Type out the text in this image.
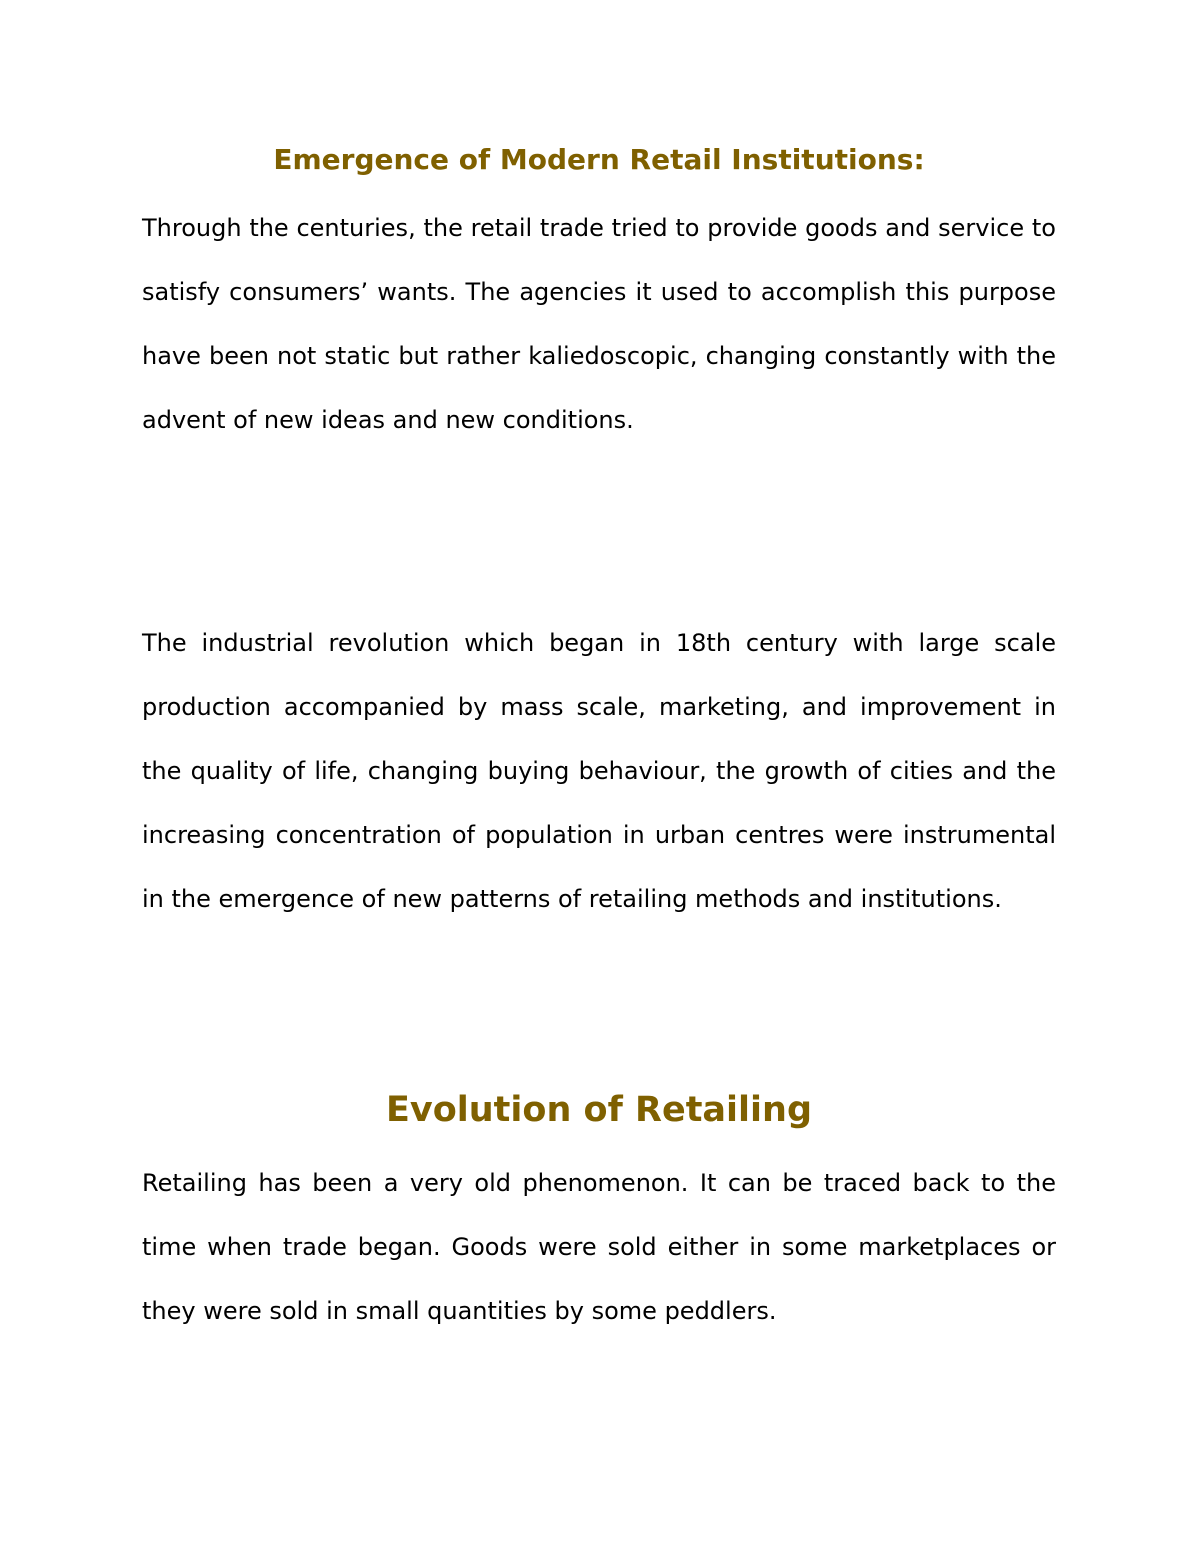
Emergence of Modern Retail Institutions:

Through the centuries, the retail trade tried to provide goods and service to satisfy consumers’ wants. The agencies it used to accomplish this purpose have been not static but rather kaliedoscopic, changing constantly with the advent of new ideas and new conditions.

The industrial revolution which began in 18th century with large scale production accompanied by mass scale, marketing, and improvement in the quality of life, changing buying behaviour, the growth of cities and the increasing concentration of population in urban centres were instrumental in the emergence of new patterns of retailing methods and institutions.

Evolution of Retailing

Retailing has been a very old phenomenon. It can be traced back to the time when trade began. Goods were sold either in some marketplaces or they were sold in small quantities by some peddlers.
